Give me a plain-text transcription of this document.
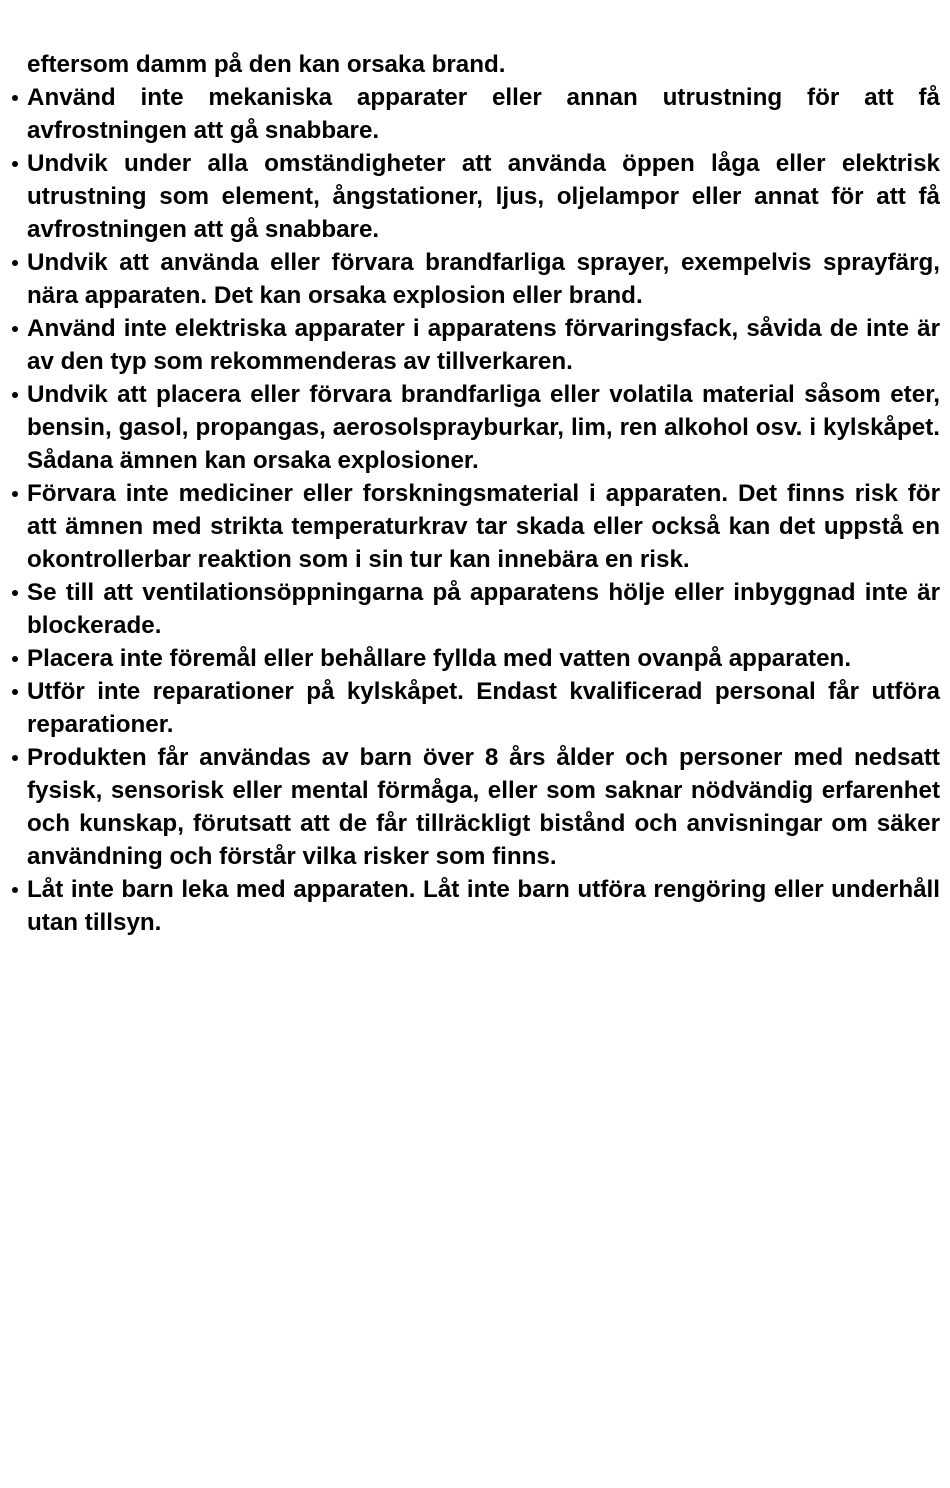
eftersom damm på den kan orsaka brand.

Använd inte mekaniska apparater eller annan utrustning för att få avfrostningen att gå snabbare.
Undvik under alla omständigheter att använda öppen låga eller elektrisk utrustning som element, ångstationer, ljus, oljelampor eller annat för att få avfrostningen att gå snabbare.
Undvik att använda eller förvara brandfarliga sprayer, exempelvis sprayfärg, nära apparaten. Det kan orsaka explosion eller brand.
Använd inte elektriska apparater i apparatens förvaringsfack, såvida de inte är av den typ som rekommenderas av tillverkaren.
Undvik att placera eller förvara brandfarliga eller volatila material såsom eter, bensin, gasol, propangas, aerosolsprayburkar, lim, ren alkohol osv. i kylskåpet. Sådana ämnen kan orsaka explosioner.
Förvara inte mediciner eller forskningsmaterial i apparaten. Det finns risk för att ämnen med strikta temperaturkrav tar skada eller också kan det uppstå en okontrollerbar reaktion som i sin tur kan innebära en risk.
Se till att ventilationsöppningarna på apparatens hölje eller inbyggnad inte är blockerade.
Placera inte föremål eller behållare fyllda med vatten ovanpå apparaten.
Utför inte reparationer på kylskåpet. Endast kvalificerad personal får utföra reparationer.
Produkten får användas av barn över 8 års ålder och personer med nedsatt fysisk, sensorisk eller mental förmåga, eller som saknar nödvändig erfarenhet och kunskap, förutsatt att de får tillräckligt bistånd och anvisningar om säker användning och förstår vilka risker som finns.
Låt inte barn leka med apparaten. Låt inte barn utföra rengöring eller underhåll utan tillsyn.
